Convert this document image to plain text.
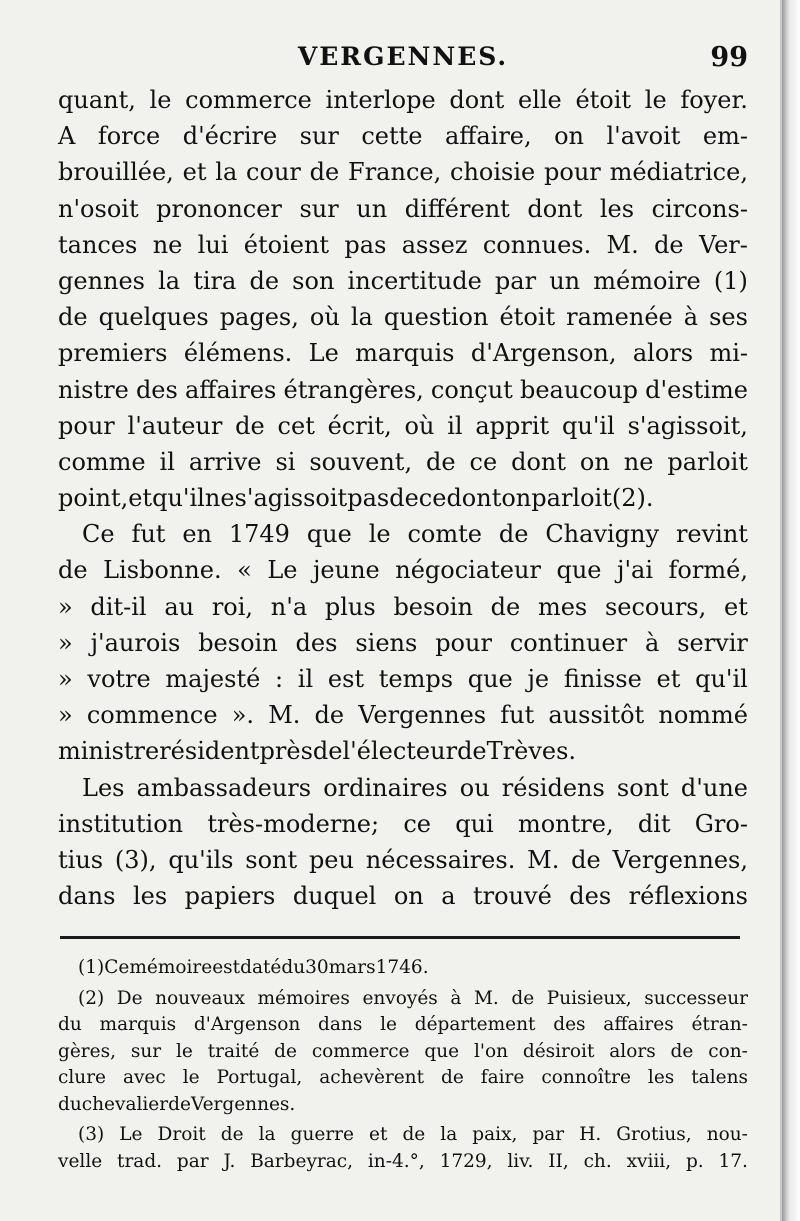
VERGENNES.	99
quant, le commerce interlope dont elle étoit le foyer.
A force d'écrire sur cette affaire, on l'avoit em-
brouillée, et la cour de France, choisie pour médiatrice,
n'osoit prononcer sur un différent dont les circons-
tances ne lui étoient pas assez connues. M. de Ver-
gennes la tira de son incertitude par un mémoire (1)
de quelques pages, où la question étoit ramenée à ses
premiers élémens. Le marquis d'Argenson, alors mi-
nistre des affaires étrangères, conçut beaucoup d'estime
pour l'auteur de cet écrit, où il apprit qu'il s'agissoit,
comme il arrive si souvent, de ce dont on ne parloit
point, et qu'il ne s'agissoit pas de ce dont on parloit (2).
Ce fut en 1749 que le comte de Chavigny revint
de Lisbonne. « Le jeune négociateur que j'ai formé,
» dit-il au roi, n'a plus besoin de mes secours, et
» j'aurois besoin des siens pour continuer à servir
» votre majesté : il est temps que je finisse et qu'il
» commence ». M. de Vergennes fut aussitôt nommé
ministre résident près de l'électeur de Trèves.
Les ambassadeurs ordinaires ou résidens sont d'une
institution très-moderne; ce qui montre, dit Gro-
tius (3), qu'ils sont peu nécessaires. M. de Vergennes,
dans les papiers duquel on a trouvé des réflexions
(1) Ce mémoire est daté du 30 mars 1746.
(2) De nouveaux mémoires envoyés à M. de Puisieux, successeur
du marquis d'Argenson dans le département des affaires étran-
gères, sur le traité de commerce que l'on désiroit alors de con-
clure avec le Portugal, achevèrent de faire connoître les talens
du chevalier de Vergennes.
(3) Le Droit de la guerre et de la paix, par H. Grotius, nou-
velle trad. par J. Barbeyrac, in-4.°, 1729, liv. II, ch. xviii, p. 17.
